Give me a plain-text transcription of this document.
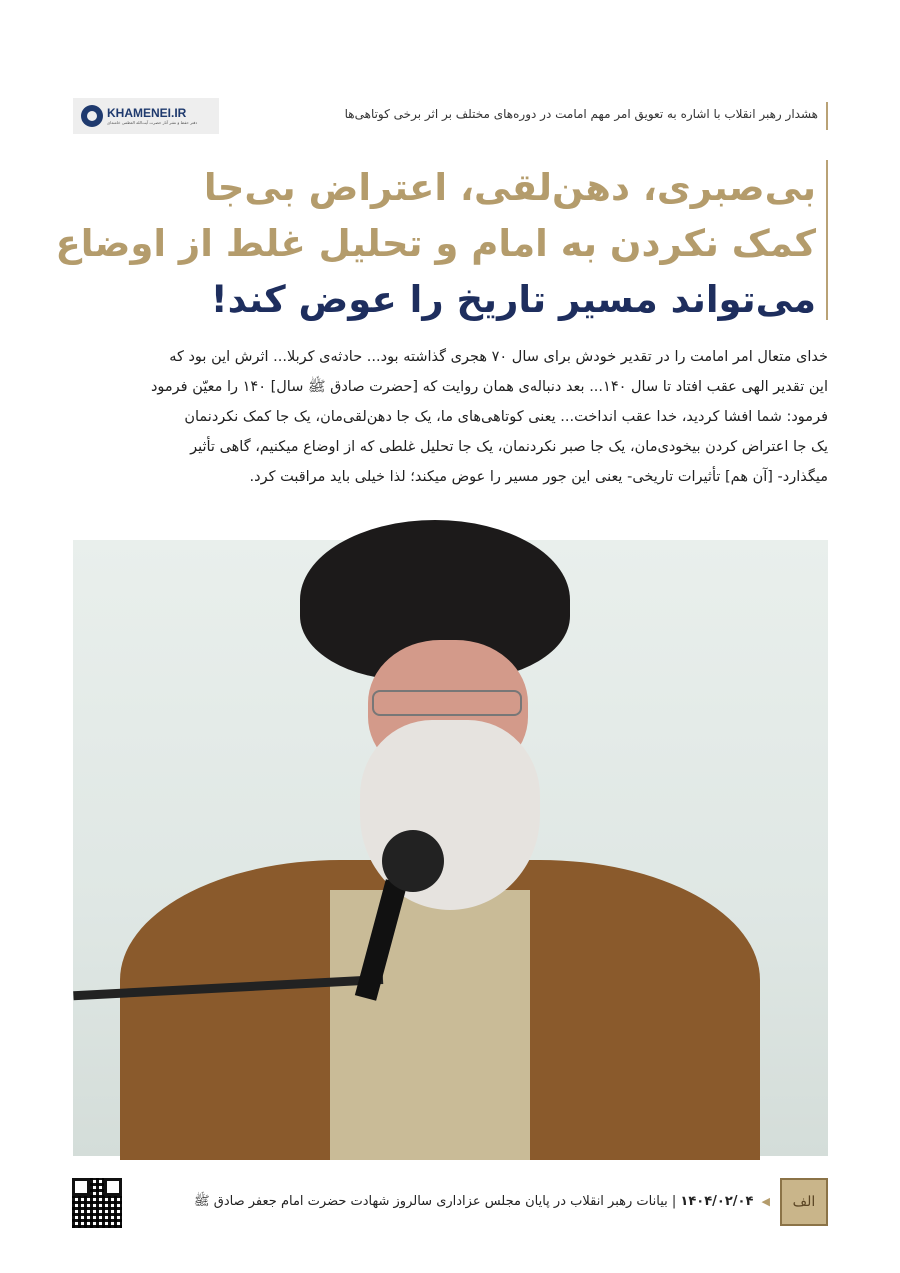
KHAMENEI.IR
دفتر حفظ و نشر آثار حضرت آیت‌الله العظمی خامنه‌ای
هشدار رهبر انقلاب با اشاره به تعویق امر مهم امامت در دوره‌های مختلف بر اثر برخی کوتاهی‌ها
بی‌صبری، دهن‌لقی، اعتراض بی‌جا
کمک نکردن به امام و تحلیل غلط از اوضاع
می‌تواند مسیر تاریخ را عوض کند!
خدای متعال امر امامت را در تقدیر خودش برای سال ۷۰ هجری گذاشته بود... حادثه‌ی کربلا... اثرش این بود که
این تقدیر الهی عقب افتاد تا سال ۱۴۰... بعد دنباله‌ی همان روایت که [حضرت صادق ﷺ سال] ۱۴۰ را معیّن فرمود
فرمود: شما افشا کردید، خدا عقب انداخت... یعنی کوتاهی‌های ما، یک جا دهن‌لقی‌مان، یک جا کمک نکردنمان
یک جا اعتراض کردن بیخودی‌مان، یک جا صبر نکردنمان، یک جا تحلیل غلطی که از اوضاع میکنیم، گاهی تأثیر
میگذارد- [آن هم] تأثیرات تاریخی- یعنی این جور مسیر را عوض میکند؛ لذا خیلی باید مراقبت کرد.
◀ ۱۴۰۴/۰۲/۰۴ | بیانات رهبر انقلاب در پایان مجلس عزاداری سالروز شهادت حضرت امام جعفر صادق ﷺ	الف
